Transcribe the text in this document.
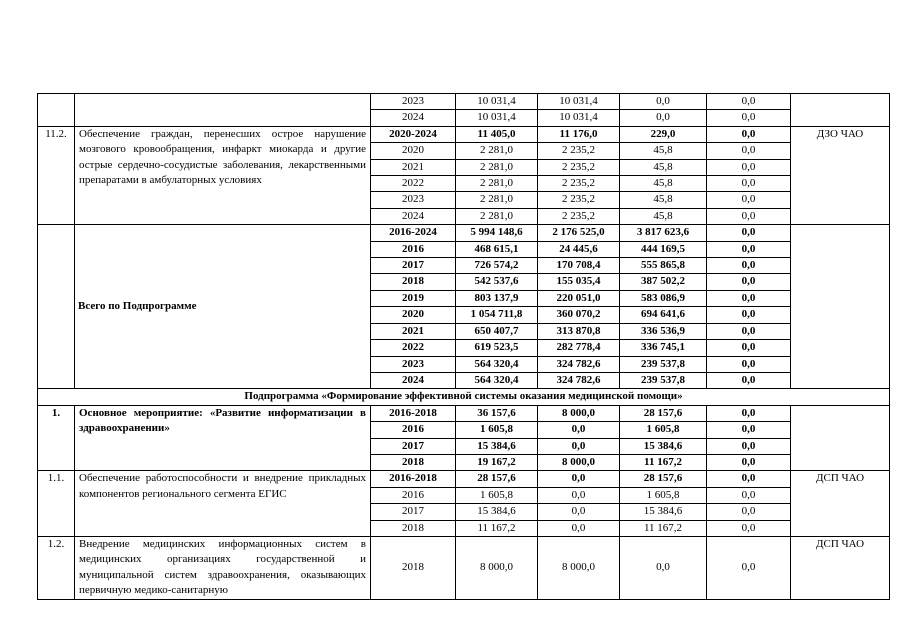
		2023	10 031,4	10 031,4	0,0	0,0	
		2024	10 031,4	10 031,4	0,0	0,0	
11.2.	Обеспечение граждан, перенесших острое нарушение мозгового кровообращения, инфаркт миокарда и другие острые сердечно-сосудистые заболевания, лекарственными препаратами в амбулаторных условиях	2020-2024	11 405,0	11 176,0	229,0	0,0	ДЗО ЧАО
		2020	2 281,0	2 235,2	45,8	0,0	
		2021	2 281,0	2 235,2	45,8	0,0	
		2022	2 281,0	2 235,2	45,8	0,0	
		2023	2 281,0	2 235,2	45,8	0,0	
		2024	2 281,0	2 235,2	45,8	0,0	
	Всего по Подпрограмме	2016-2024	5 994 148,6	2 176 525,0	3 817 623,6	0,0	
		2016	468 615,1	24 445,6	444 169,5	0,0	
		2017	726 574,2	170 708,4	555 865,8	0,0	
		2018	542 537,6	155 035,4	387 502,2	0,0	
		2019	803 137,9	220 051,0	583 086,9	0,0	
		2020	1 054 711,8	360 070,2	694 641,6	0,0	
		2021	650 407,7	313 870,8	336 536,9	0,0	
		2022	619 523,5	282 778,4	336 745,1	0,0	
		2023	564 320,4	324 782,6	239 537,8	0,0	
		2024	564 320,4	324 782,6	239 537,8	0,0	
Подпрограмма «Формирование эффективной системы оказания медицинской помощи»							
1.	Основное мероприятие: «Развитие информатизации в здравоохранении»	2016-2018	36 157,6	8 000,0	28 157,6	0,0	
		2016	1 605,8	0,0	1 605,8	0,0	
		2017	15 384,6	0,0	15 384,6	0,0	
		2018	19 167,2	8 000,0	11 167,2	0,0	
1.1.	Обеспечение работоспособности и внедрение прикладных компонентов регионального сегмента ЕГИС	2016-2018	28 157,6	0,0	28 157,6	0,0	ДСП ЧАО
		2016	1 605,8	0,0	1 605,8	0,0	
		2017	15 384,6	0,0	15 384,6	0,0	
		2018	11 167,2	0,0	11 167,2	0,0	
1.2.	Внедрение медицинских информационных систем в медицинских организациях государственной и муниципальной систем здравоохранения, оказывающих первичную медико-санитарную	2018	8 000,0	8 000,0	0,0	0,0	ДСП ЧАО
